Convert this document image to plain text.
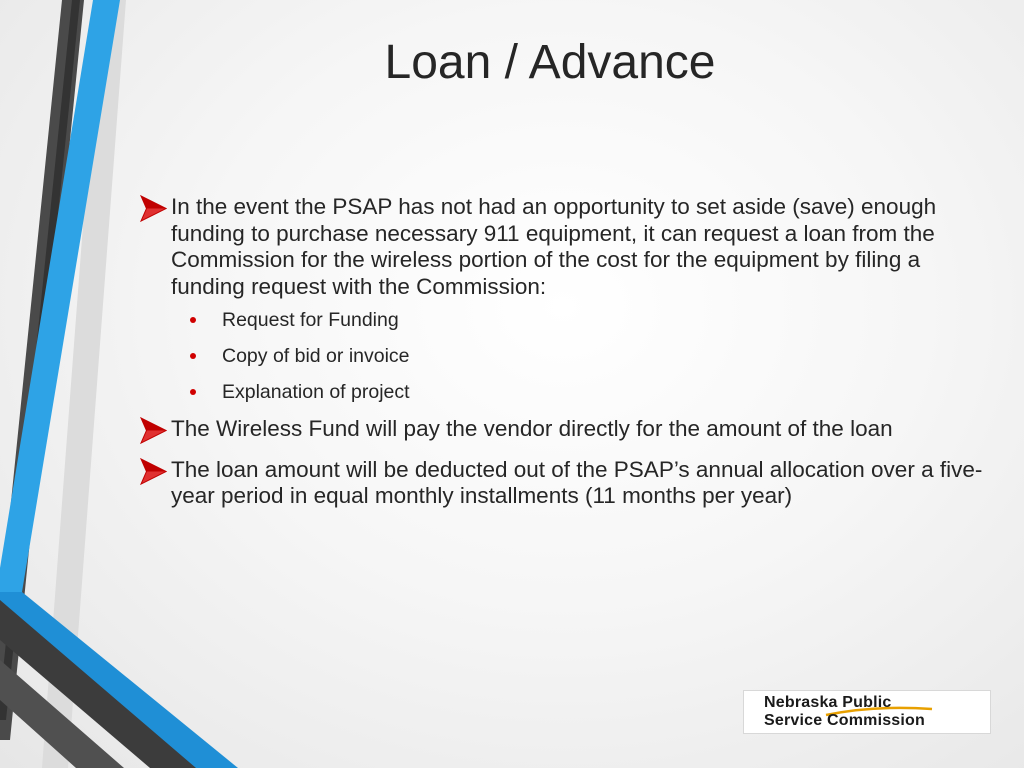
Loan / Advance

In the event the PSAP has not had an opportunity to set aside (save) enough funding to purchase necessary 911 equipment, it can request a loan from the Commission for the wireless portion of the cost for the equipment by filing a funding request with the Commission:

Request for Funding
Copy of bid or invoice
Explanation of project

The Wireless Fund will pay the vendor directly for the amount of the loan

The loan amount will be deducted out of the PSAP’s annual allocation over a five-year period in equal monthly installments (11 months per year)

Nebraska Public
Service Commission
